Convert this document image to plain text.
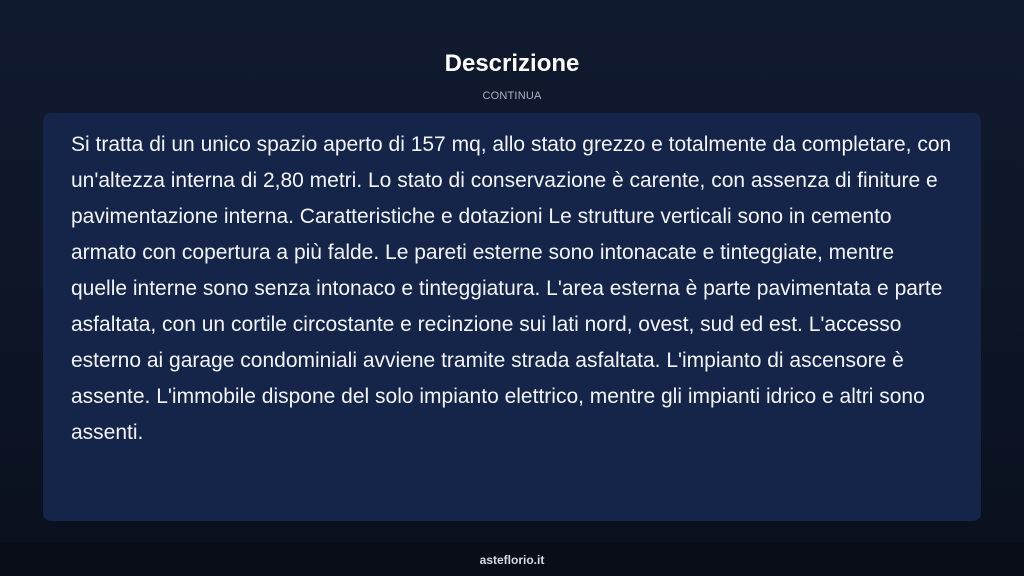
Descrizione
CONTINUA

Si tratta di un unico spazio aperto di 157 mq, allo stato grezzo e totalmente da completare, con un'altezza interna di 2,80 metri. Lo stato di conservazione è carente, con assenza di finiture e pavimentazione interna. Caratteristiche e dotazioni Le strutture verticali sono in cemento armato con copertura a più falde. Le pareti esterne sono intonacate e tinteggiate, mentre quelle interne sono senza intonaco e tinteggiatura. L'area esterna è parte pavimentata e parte asfaltata, con un cortile circostante e recinzione sui lati nord, ovest, sud ed est. L'accesso esterno ai garage condominiali avviene tramite strada asfaltata. L'impianto di ascensore è assente. L'immobile dispone del solo impianto elettrico, mentre gli impianti idrico e altri sono assenti.

asteflorio.it
